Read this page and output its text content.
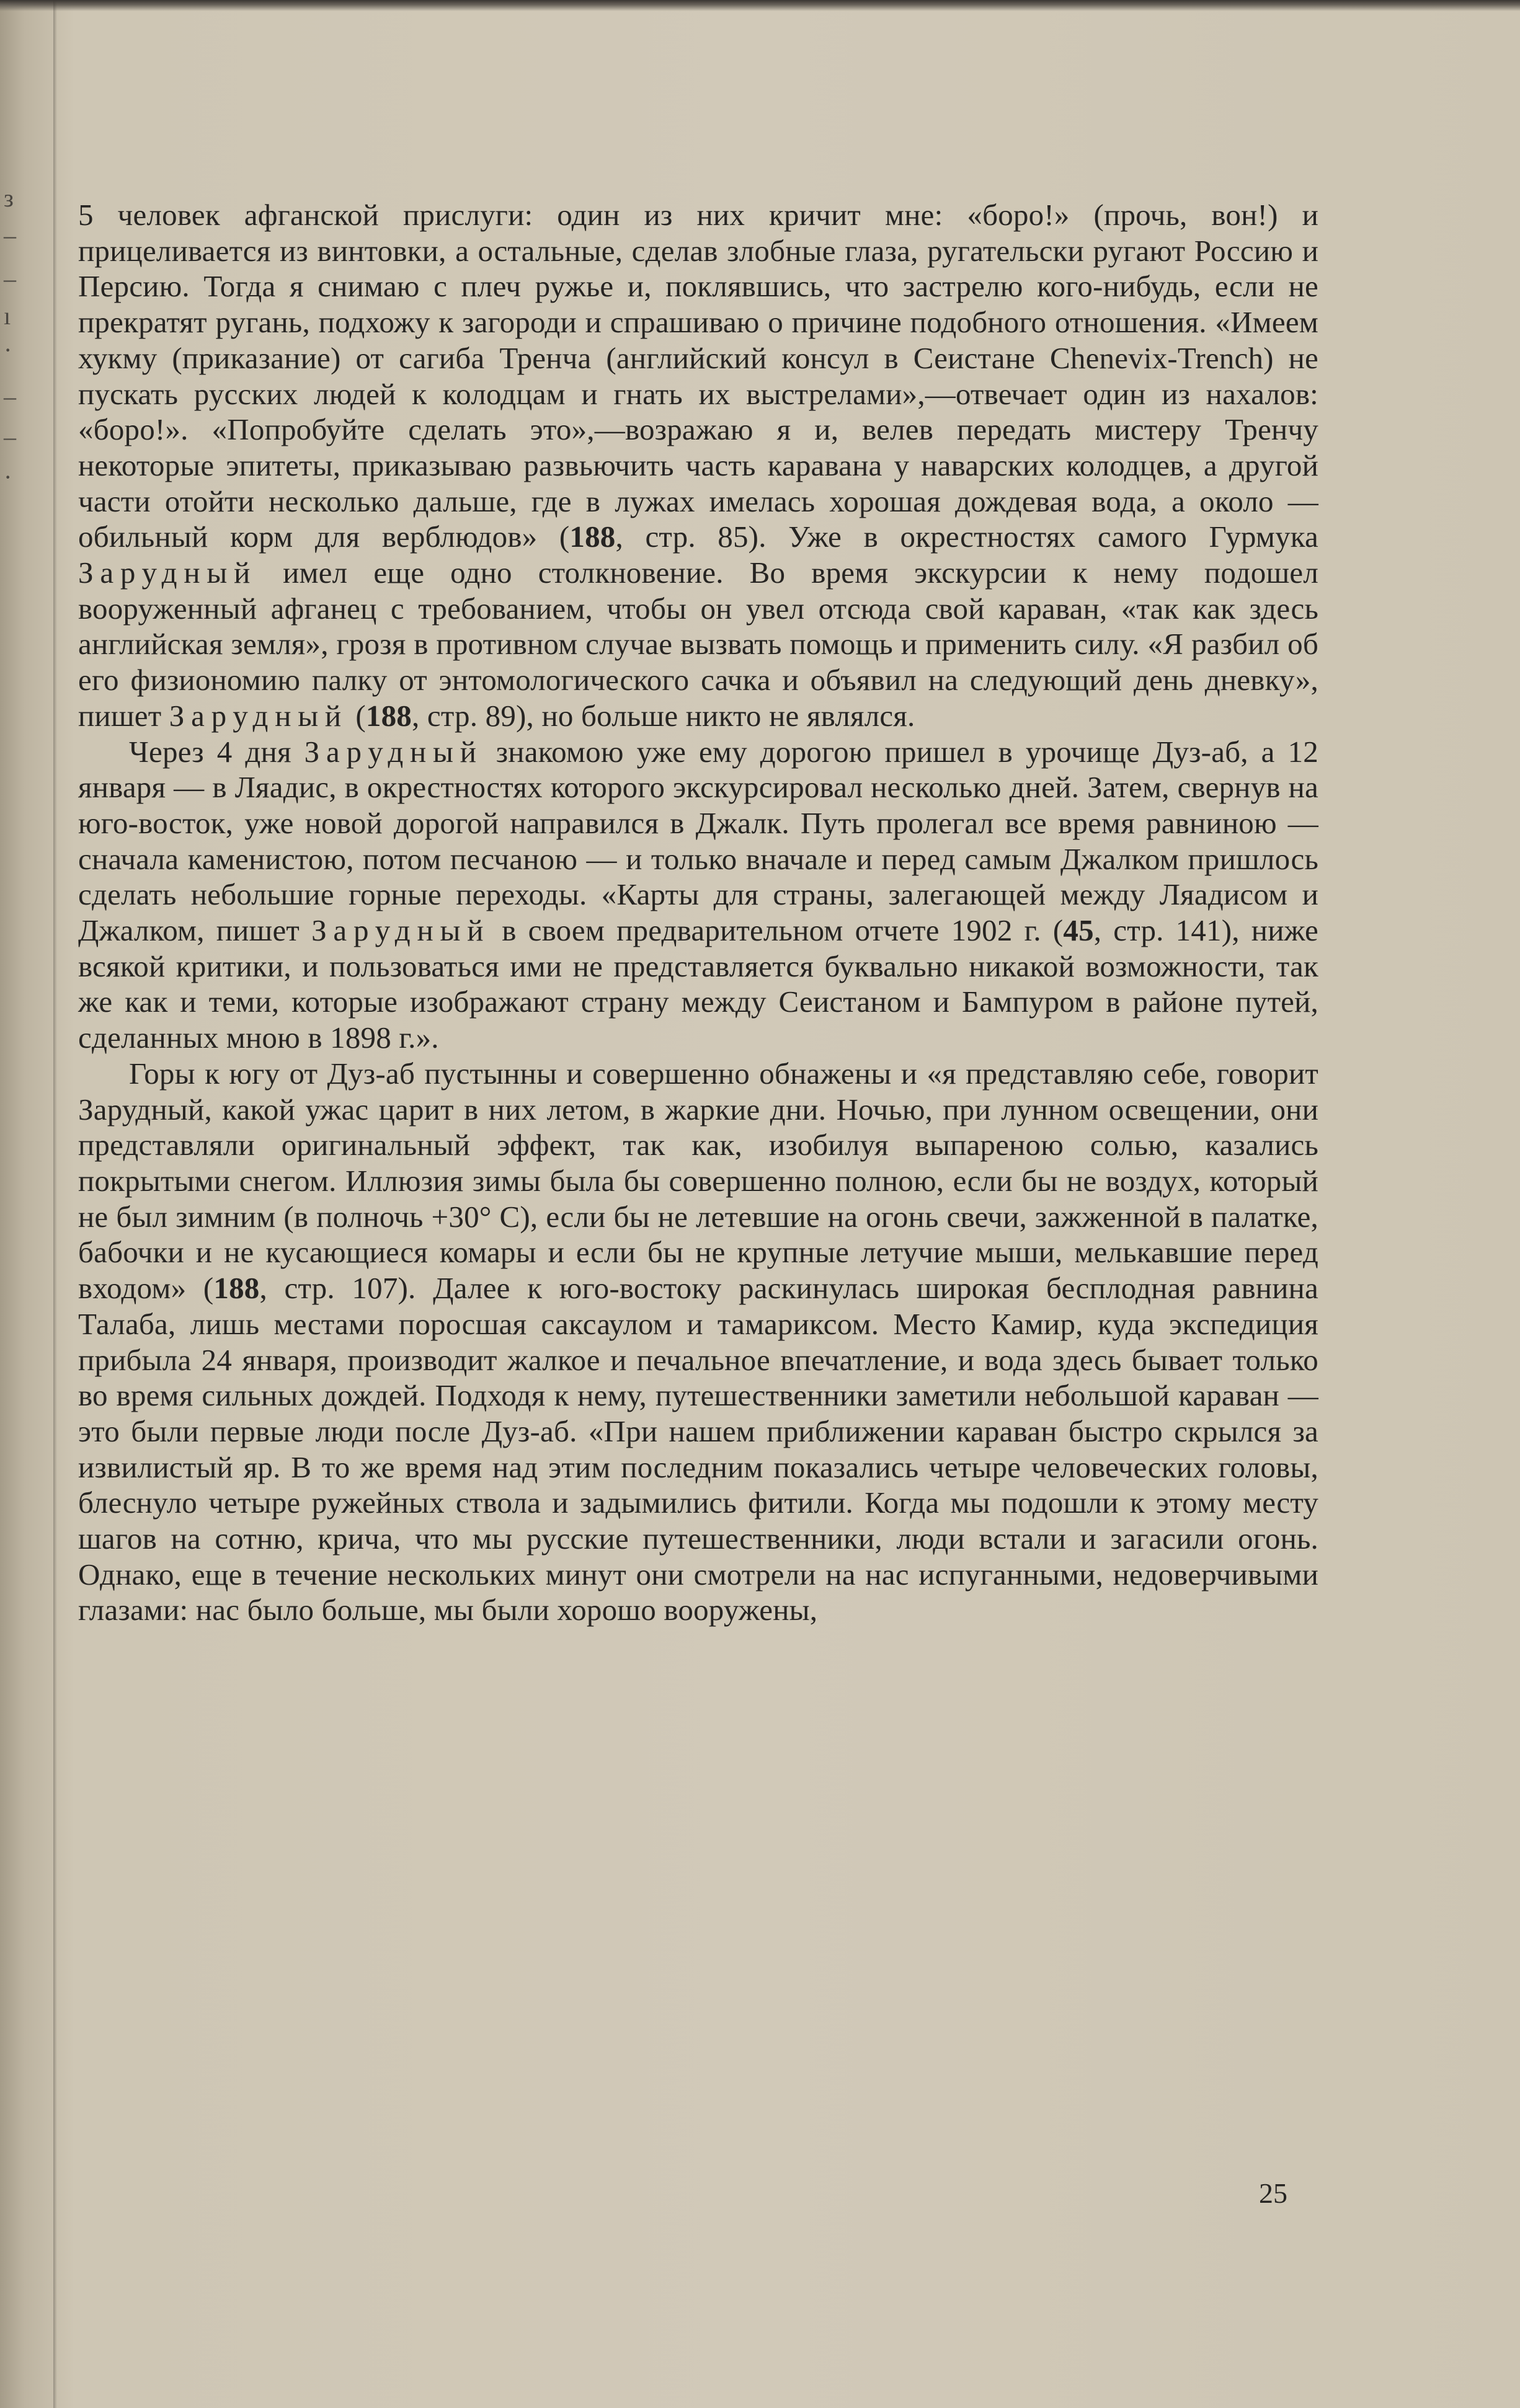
з
–
–
ı
·
–
–
·

5 человек афганской прислуги: один из них кричит мне: «боро!» (прочь, вон!) и прицеливается из винтовки, а остальные, сделав злобные глаза, ругательски ругают Россию и Персию. Тогда я снимаю с плеч ружье и, поклявшись, что застрелю кого-нибудь, если не прекратят ругань, подхожу к загороди и спрашиваю о причине подобного отношения. «Имеем хукму (приказание) от сагиба Тренча (английский консул в Сеистане Chenevix-Trench) не пускать русских людей к колодцам и гнать их выстрелами»,—отвечает один из нахалов: «боро!». «Попробуйте сделать это»,—возражаю я и, велев передать мистеру Тренчу некоторые эпитеты, приказываю развьючить часть каравана у наварских колодцев, а другой части отойти несколько дальше, где в лужах имелась хорошая дождевая вода, а около — обильный корм для верблюдов» (188, стр. 85). Уже в окрестностях самого Гурмука Зарудный имел еще одно столкновение. Во время экскурсии к нему подошел вооруженный афганец с требованием, чтобы он увел отсюда свой караван, «так как здесь английская земля», грозя в противном случае вызвать помощь и применить силу. «Я разбил об его физиономию палку от энтомологического сачка и объявил на следующий день дневку», пишет Зарудный (188, стр. 89), но больше никто не являлся.

Через 4 дня Зарудный знакомою уже ему дорогою пришел в урочище Дуз-аб, а 12 января — в Ляадис, в окрестностях которого экскурсировал несколько дней. Затем, свернув на юго-восток, уже новой дорогой направился в Джалк. Путь пролегал все время равниною — сначала каменистою, потом песчаною — и только вначале и перед самым Джалком пришлось сделать небольшие горные переходы. «Карты для страны, залегающей между Ляадисом и Джалком, пишет Зарудный в своем предварительном отчете 1902 г. (45, стр. 141), ниже всякой критики, и пользоваться ими не представляется буквально никакой возможности, так же как и теми, которые изображают страну между Сеистаном и Бампуром в районе путей, сделанных мною в 1898 г.».

Горы к югу от Дуз-аб пустынны и совершенно обнажены и «я представляю себе, говорит Зарудный, какой ужас царит в них летом, в жаркие дни. Ночью, при лунном освещении, они представляли оригинальный эффект, так как, изобилуя выпареною солью, казались покрытыми снегом. Иллюзия зимы была бы совершенно полною, если бы не воздух, который не был зимним (в полночь +30° С), если бы не летевшие на огонь свечи, зажженной в палатке, бабочки и не кусающиеся комары и если бы не крупные летучие мыши, мелькавшие перед входом» (188, стр. 107). Далее к юго-востоку раскинулась широкая бесплодная равнина Талаба, лишь местами поросшая саксаулом и тамариксом. Место Камир, куда экспедиция прибыла 24 января, производит жалкое и печальное впечатление, и вода здесь бывает только во время сильных дождей. Подходя к нему, путешественники заметили небольшой караван — это были первые люди после Дуз-аб. «При нашем приближении караван быстро скрылся за извилистый яр. В то же время над этим последним показались четыре человеческих головы, блеснуло четыре ружейных ствола и задымились фитили. Когда мы подошли к этому месту шагов на сотню, крича, что мы русские путешественники, люди встали и загасили огонь. Однако, еще в течение нескольких минут они смотрели на нас испуганными, недоверчивыми глазами: нас было больше, мы были хорошо вооружены,

25
